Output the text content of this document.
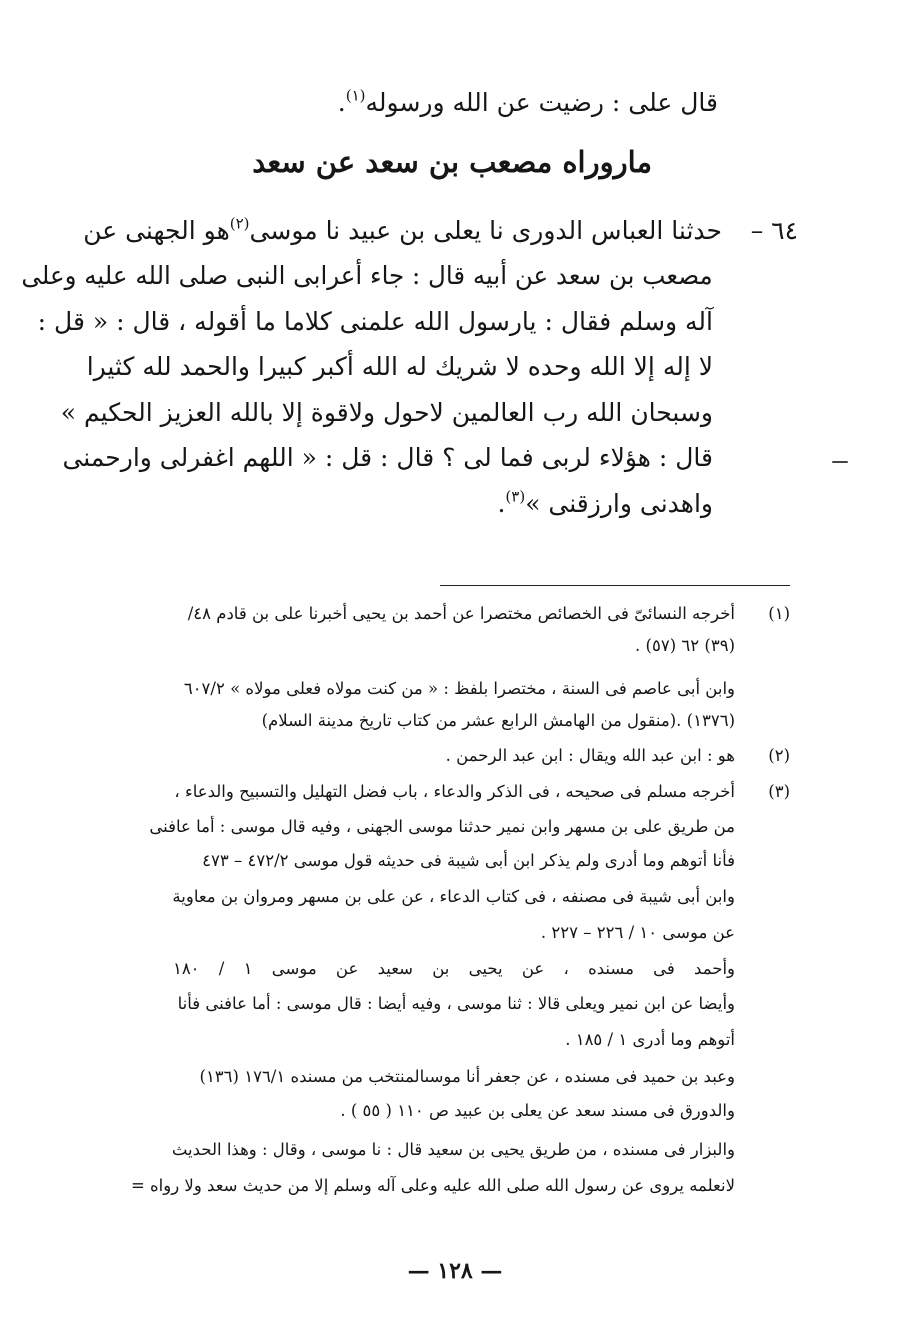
قال على : رضيت عن الله ورسوله$^{(١)}$.
ماروراه مصعب بن سعد عن سعد
٦٤ –
حدثنا العباس الدورى نا يعلى بن عبيد نا موسى$^{(٢)}$
هو الجهنى عن
مصعب بن سعد عن أبيه قال : جاء أعرابى النبى صلى الله عليه وعلى
آله وسلم فقال : يارسول الله علمنى كلاما ما أقوله ، قال : « قل :
لا إله إلا الله وحده لا شريك له الله أكبر كبيرا والحمد لله كثيرا
وسبحان الله رب العالمين لاحول ولاقوة إلا بالله العزيز الحكيم »
قال : هؤلاء لربى فما لى ؟ قال : قل : « اللهم اغفرلى وارحمنى
واهدنى وارزقنى »$^{(٣)}$.
(١)
أخرجه النسائىّ فى الخصائص مختصرا عن أحمد بن يحيى أخبرنا على بن قادم ٤٨/
(٣٩) ٦٢ (٥٧) .
وابن أبى عاصم فى السنة ، مختصرا بلفظ : « من كنت مولاه فعلى مولاه » ٦٠٧/٢
(١٣٧٦) .(منقول من الهامش الرابع عشر من كتاب تاريخ مدينة السلام)
(٢)
هو : ابن عبد الله ويقال : ابن عبد الرحمن .
(٣)
أخرجه مسلم فى صحيحه ، فى الذكر والدعاء ، باب فضل التهليل والتسبيح والدعاء ،
من طريق على بن مسهر وابن نمير حدثنا موسى الجهنى ، وفيه قال موسى : أما عافنى
فأنا أتوهم وما أدرى ولم يذكر ابن أبى شيبة فى حديثه قول موسى ٤٧٢/٢ – ٤٧٣
وابن أبى شيبة فى مصنفه ، فى كتاب الدعاء ، عن على بن مسهر ومروان بن معاوية
عن موسى ١٠ / ٢٢٦ – ٢٢٧ .
وأحمد فى مسنده ، عن يحيى بن سعيد عن موسى ١ / ١٨٠
وأيضا عن ابن نمير ويعلى قالا : ثنا موسى ، وفيه أيضا : قال موسى : أما عافنى فأنا
أتوهم وما أدرى ١ / ١٨٥ .
وعبد بن حميد فى مسنده ، عن جعفر أنا موسىالمنتخب من مسنده ١٧٦/١ (١٣٦)
والدورق فى مسند سعد عن يعلى بن عبيد ص ١١٠ ( ٥٥ ) .
والبزار فى مسنده ، من طريق يحيى بن سعيد قال : نا موسى ، وقال : وهذا الحديث
لانعلمه يروى عن رسول الله صلى الله عليه وعلى آله وسلم إلا من حديث سعد ولا رواه =
— ١٢٨ —
